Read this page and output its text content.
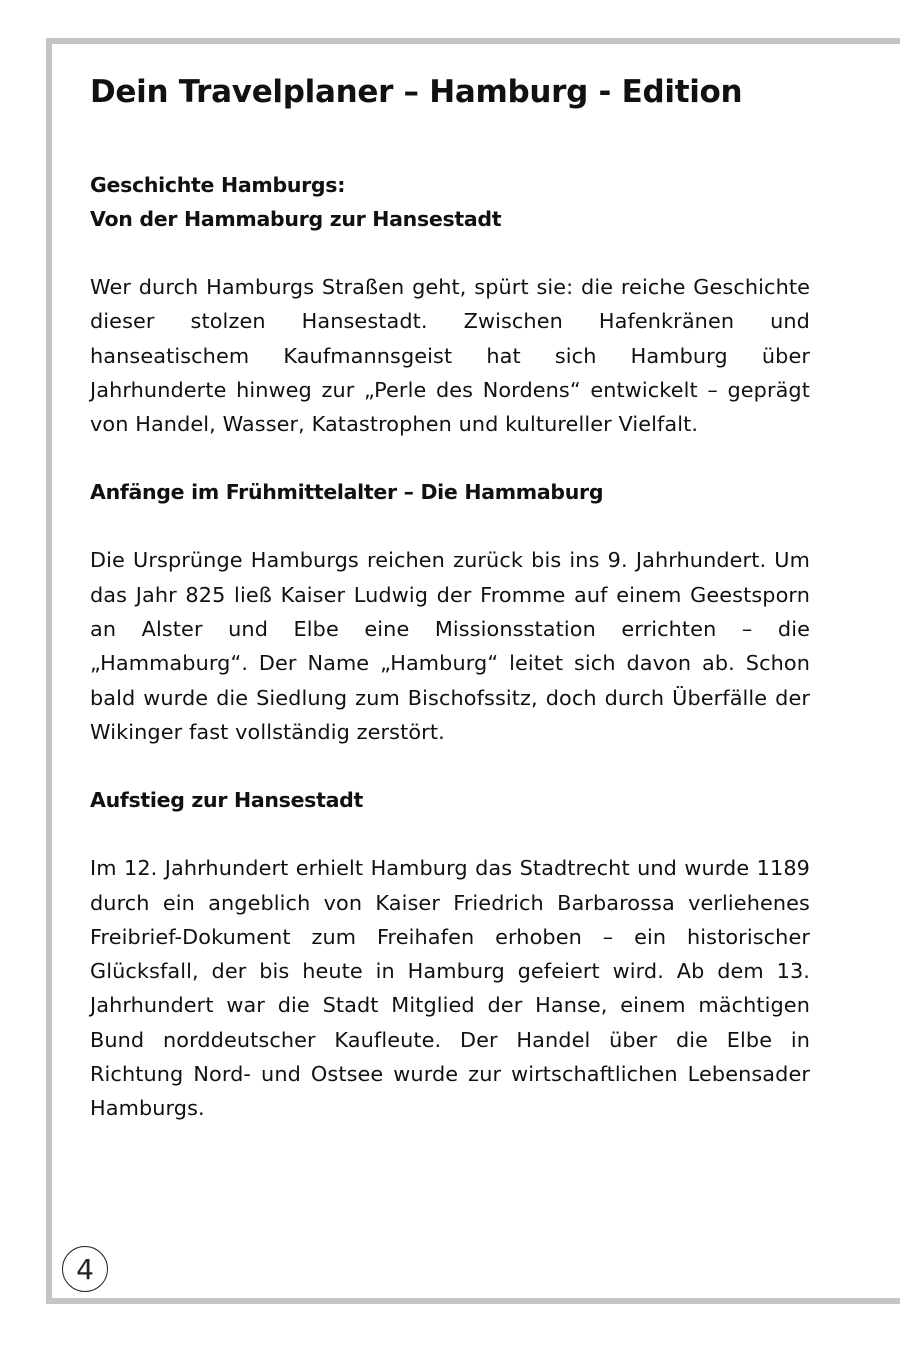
Dein Travelplaner – Hamburg - Edition
Geschichte Hamburgs:
Von der Hammaburg zur Hansestadt

Wer durch Hamburgs Straßen geht, spürt sie: die reiche Geschichte dieser stolzen Hansestadt. Zwischen Hafenkränen und hanseatischem Kaufmannsgeist hat sich Hamburg über Jahrhunderte hinweg zur „Perle des Nordens“ entwickelt – geprägt von Handel, Wasser, Katastrophen und kultureller Vielfalt.

Anfänge im Frühmittelalter – Die Hammaburg

Die Ursprünge Hamburgs reichen zurück bis ins 9. Jahrhundert. Um das Jahr 825 ließ Kaiser Ludwig der Fromme auf einem Geestsporn an Alster und Elbe eine Missionsstation errichten – die „Hammaburg“. Der Name „Hamburg“ leitet sich davon ab. Schon bald wurde die Siedlung zum Bischofssitz, doch durch Überfälle der Wikinger fast vollständig zerstört.

Aufstieg zur Hansestadt

Im 12. Jahrhundert erhielt Hamburg das Stadtrecht und wurde 1189 durch ein angeblich von Kaiser Friedrich Barbarossa verliehenes Freibrief-Dokument zum Freihafen erhoben – ein historischer Glücksfall, der bis heute in Hamburg gefeiert wird. Ab dem 13. Jahrhundert war die Stadt Mitglied der Hanse, einem mächtigen Bund norddeutscher Kaufleute. Der Handel über die Elbe in Richtung Nord- und Ostsee wurde zur wirtschaftlichen Lebensader Hamburgs.

4
